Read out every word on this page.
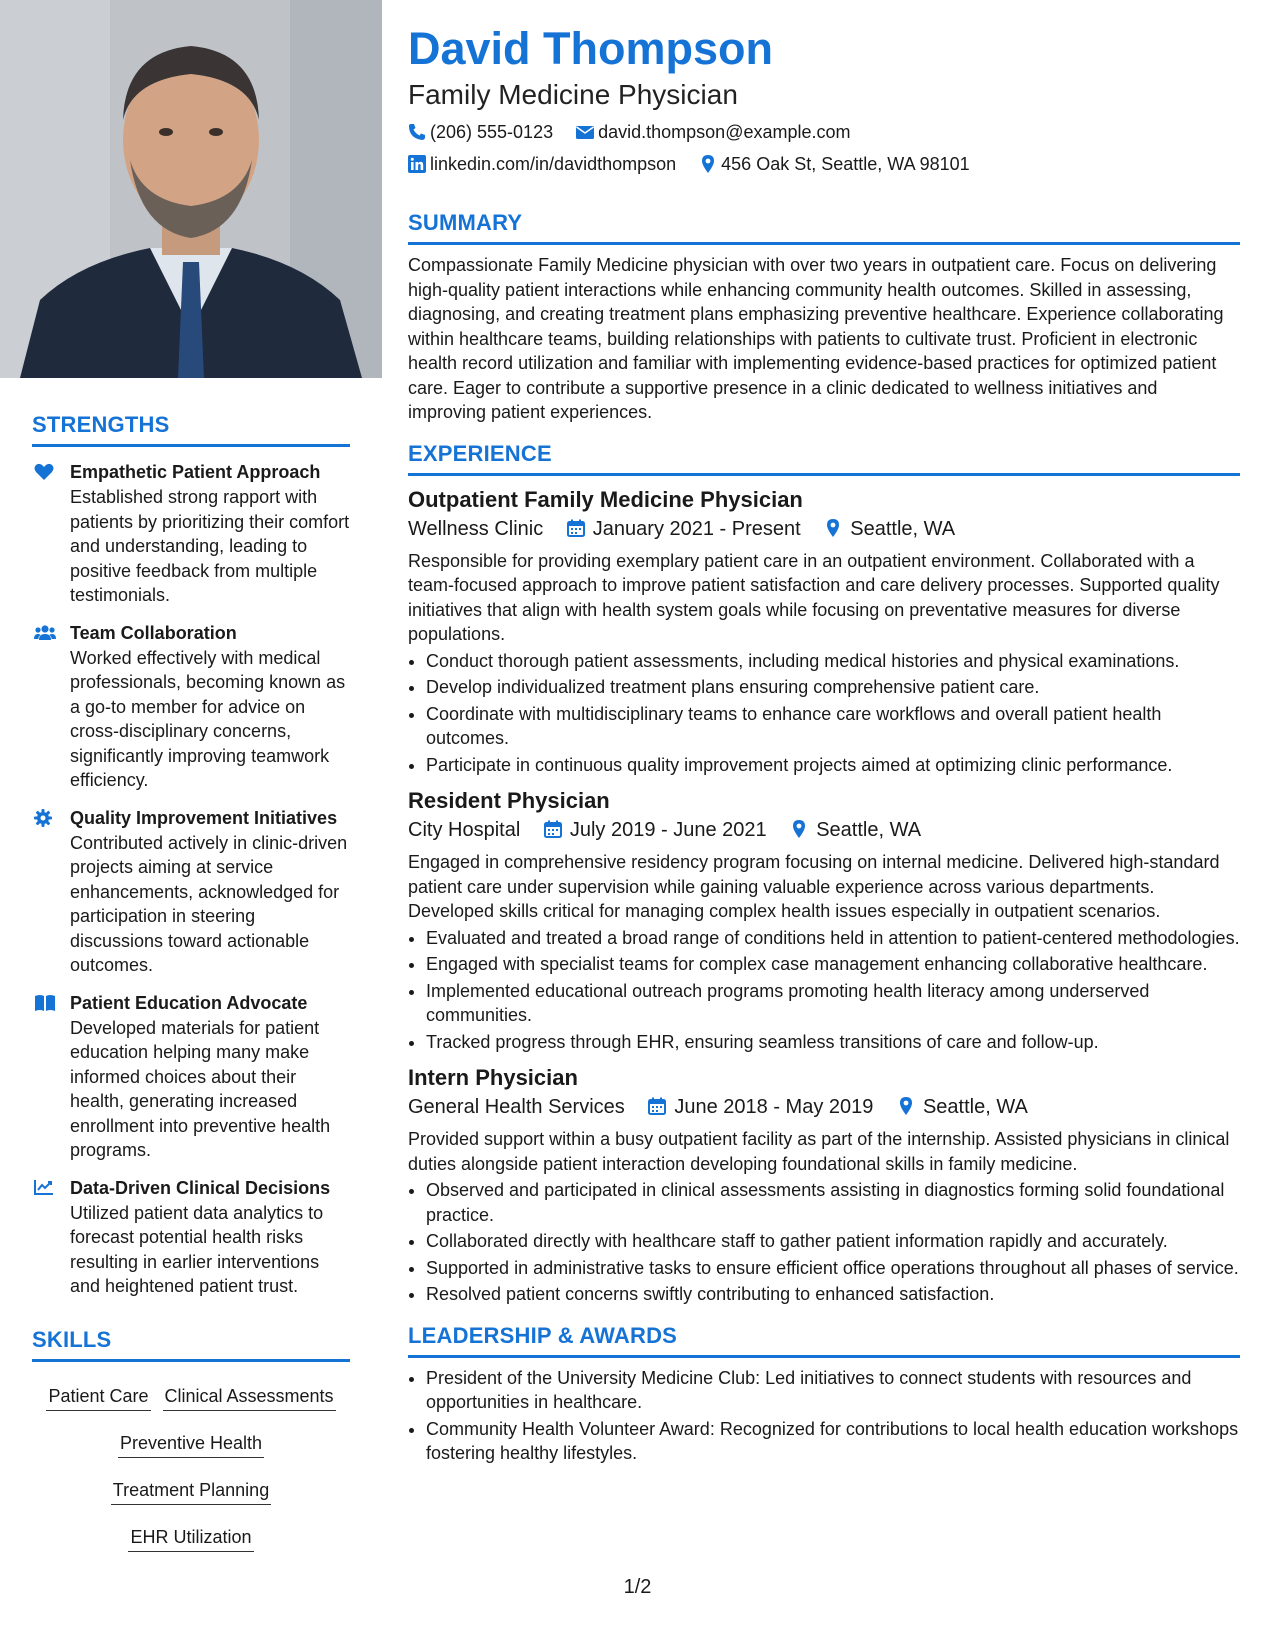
STRENGTHS
Empathetic Patient Approach
Established strong rapport with patients by prioritizing their comfort and understanding, leading to positive feedback from multiple testimonials.
Team Collaboration
Worked effectively with medical professionals, becoming known as a go-to member for advice on cross-disciplinary concerns, significantly improving teamwork efficiency.
Quality Improvement Initiatives
Contributed actively in clinic-driven projects aiming at service enhancements, acknowledged for participation in steering discussions toward actionable outcomes.
Patient Education Advocate
Developed materials for patient education helping many make informed choices about their health, generating increased enrollment into preventive health programs.
Data-Driven Clinical Decisions
Utilized patient data analytics to forecast potential health risks resulting in earlier interventions and heightened patient trust.
SKILLS
Patient Care Clinical Assessments
Preventive Health
Treatment Planning
EHR Utilization
David Thompson
Family Medicine Physician
(206) 555-0123	david.thompson@example.com
linkedin.com/in/davidthompson	456 Oak St, Seattle, WA 98101
SUMMARY
Compassionate Family Medicine physician with over two years in outpatient care. Focus on delivering high-quality patient interactions while enhancing community health outcomes. Skilled in assessing, diagnosing, and creating treatment plans emphasizing preventive healthcare. Experience collaborating within healthcare teams, building relationships with patients to cultivate trust. Proficient in electronic health record utilization and familiar with implementing evidence-based practices for optimized patient care. Eager to contribute a supportive presence in a clinic dedicated to wellness initiatives and improving patient experiences.
EXPERIENCE
Outpatient Family Medicine Physician
Wellness Clinic January 2021 - Present Seattle, WA
Responsible for providing exemplary patient care in an outpatient environment. Collaborated with a team-focused approach to improve patient satisfaction and care delivery processes. Supported quality initiatives that align with health system goals while focusing on preventative measures for diverse populations.
• Conduct thorough patient assessments, including medical histories and physical examinations.
• Develop individualized treatment plans ensuring comprehensive patient care.
• Coordinate with multidisciplinary teams to enhance care workflows and overall patient health outcomes.
• Participate in continuous quality improvement projects aimed at optimizing clinic performance.
Resident Physician
City Hospital July 2019 - June 2021 Seattle, WA
Engaged in comprehensive residency program focusing on internal medicine. Delivered high-standard patient care under supervision while gaining valuable experience across various departments. Developed skills critical for managing complex health issues especially in outpatient scenarios.
• Evaluated and treated a broad range of conditions held in attention to patient-centered methodologies.
• Engaged with specialist teams for complex case management enhancing collaborative healthcare.
• Implemented educational outreach programs promoting health literacy among underserved communities.
• Tracked progress through EHR, ensuring seamless transitions of care and follow-up.
Intern Physician
General Health Services June 2018 - May 2019 Seattle, WA
Provided support within a busy outpatient facility as part of the internship. Assisted physicians in clinical duties alongside patient interaction developing foundational skills in family medicine.
• Observed and participated in clinical assessments assisting in diagnostics forming solid foundational practice.
• Collaborated directly with healthcare staff to gather patient information rapidly and accurately.
• Supported in administrative tasks to ensure efficient office operations throughout all phases of service.
• Resolved patient concerns swiftly contributing to enhanced satisfaction.
LEADERSHIP & AWARDS
• President of the University Medicine Club: Led initiatives to connect students with resources and opportunities in healthcare.
• Community Health Volunteer Award: Recognized for contributions to local health education workshops fostering healthy lifestyles.
1/2
